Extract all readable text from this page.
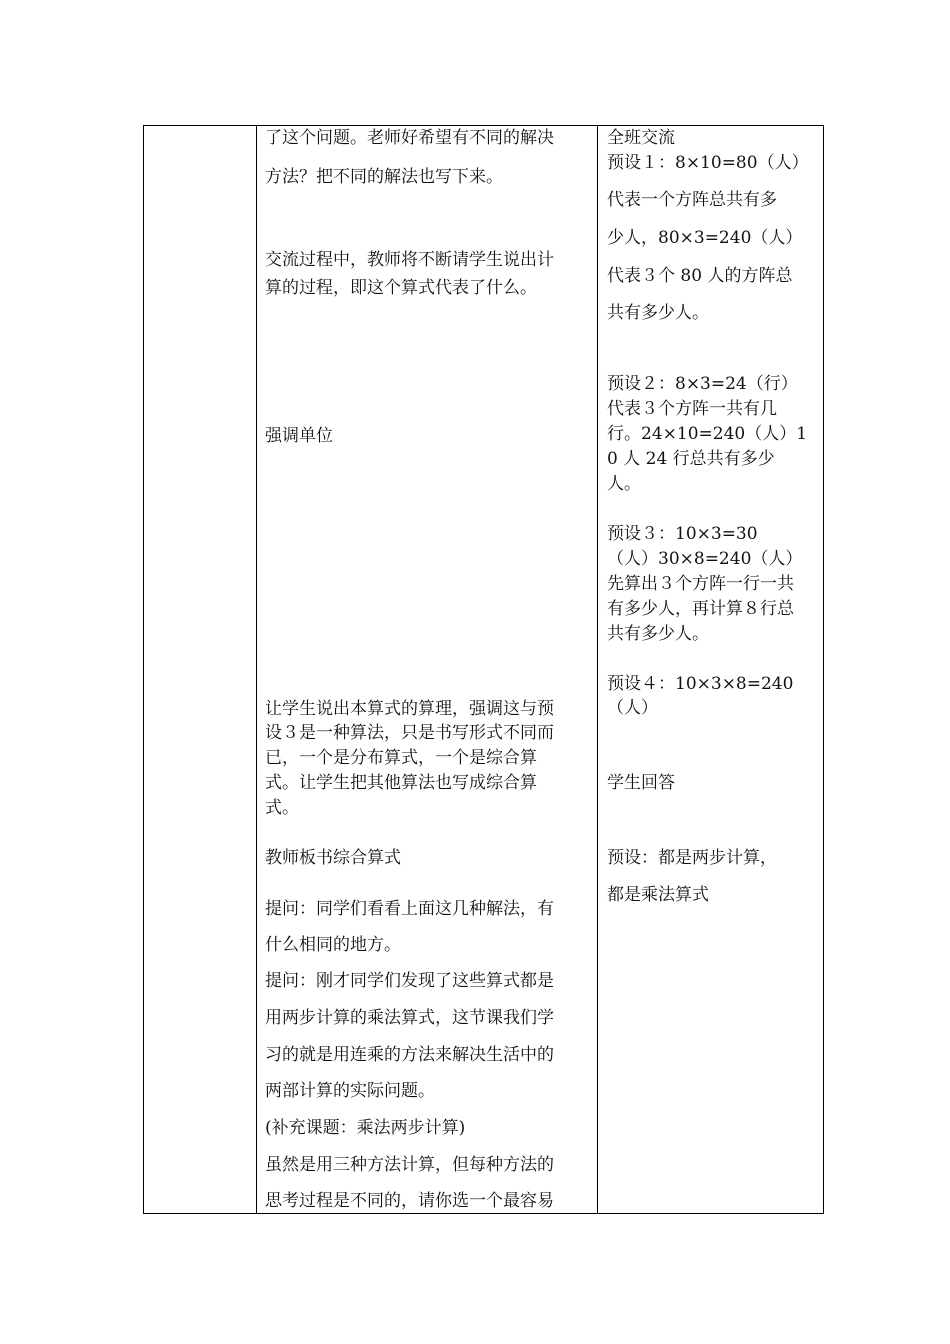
了这个问题。老师好希望有不同的解决
方法？把不同的解法也写下来。
交流过程中，教师将不断请学生说出计
算的过程，即这个算式代表了什么。
强调单位
让学生说出本算式的算理，强调这与预
设３是一种算法，只是书写形式不同而
已，一个是分布算式，一个是综合算
式。让学生把其他算法也写成综合算
式。
教师板书综合算式
提问：同学们看看上面这几种解法，有
什么相同的地方。
提问：刚才同学们发现了这些算式都是
用两步计算的乘法算式，这节课我们学
习的就是用连乘的方法来解决生活中的
两部计算的实际问题。
(补充课题：乘法两步计算)
虽然是用三种方法计算，但每种方法的
思考过程是不同的，请你选一个最容易
全班交流
预设１：8×10=80（人）
代表一个方阵总共有多
少人，80×3=240（人）
代表３个 80 人的方阵总
共有多少人。
预设２：8×3=24（行）
代表３个方阵一共有几
行。24×10=240（人）1
0 人 24 行总共有多少
人。
预设３：10×3=30
（人）30×8=240（人）
先算出３个方阵一行一共
有多少人，再计算８行总
共有多少人。
预设４：10×3×8=240
（人）
学生回答
预设：都是两步计算，
都是乘法算式
